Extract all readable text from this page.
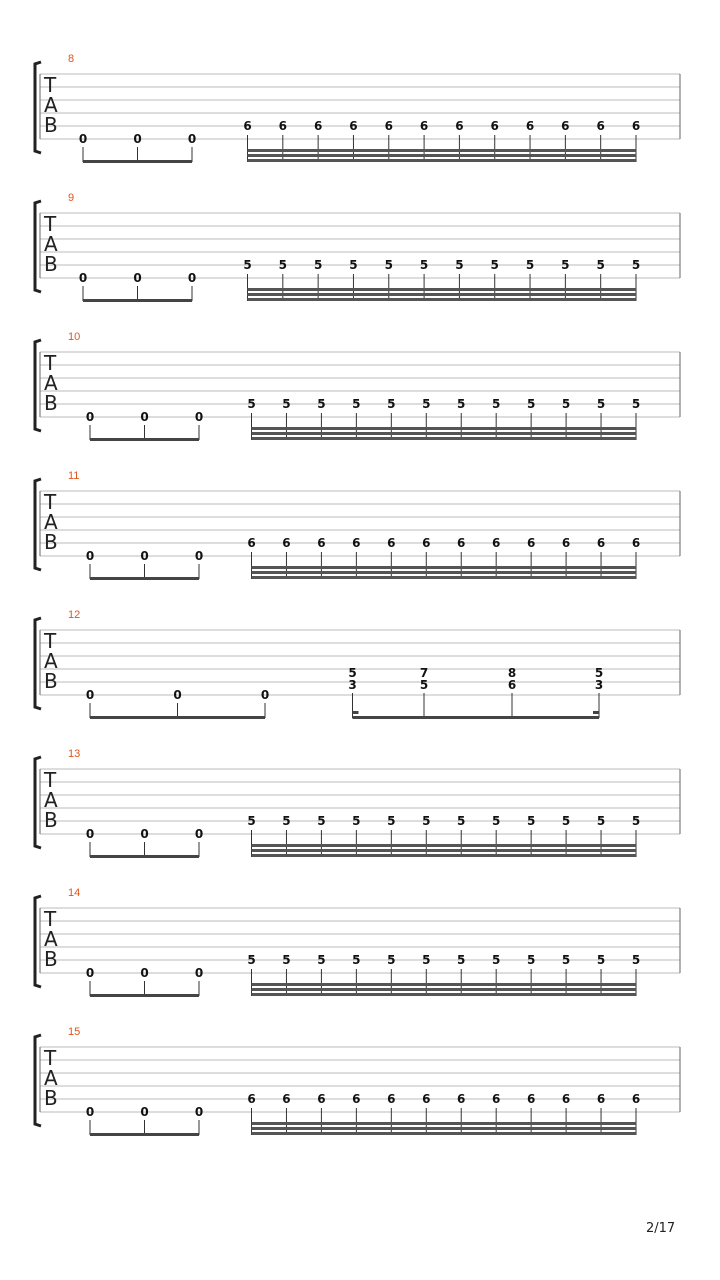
8
T
A
B
0	0	0
6 6 6 6 6 6 6 6 6 6 6 6
9
T
A
B
0	0	0
5 5 5 5 5 5 5 5 5 5 5 5
10
T
A
B
0	0	0
5 5 5 5 5 5 5 5 5 5 5 5
11
T
A
B
0	0	0
6 6 6 6 6 6 6 6 6 6 6 6
12
T
A
B
0	0	0
5
3
7
5
8
6
5
3
13
T
A
B
0	0	0
5 5 5 5 5 5 5 5 5 5 5 5
14
T
A
B
0	0	0
5 5 5 5 5 5 5 5 5 5 5 5
15
T
A
B
0	0	0
6 6 6 6 6 6 6 6 6 6 6 6
2/17
